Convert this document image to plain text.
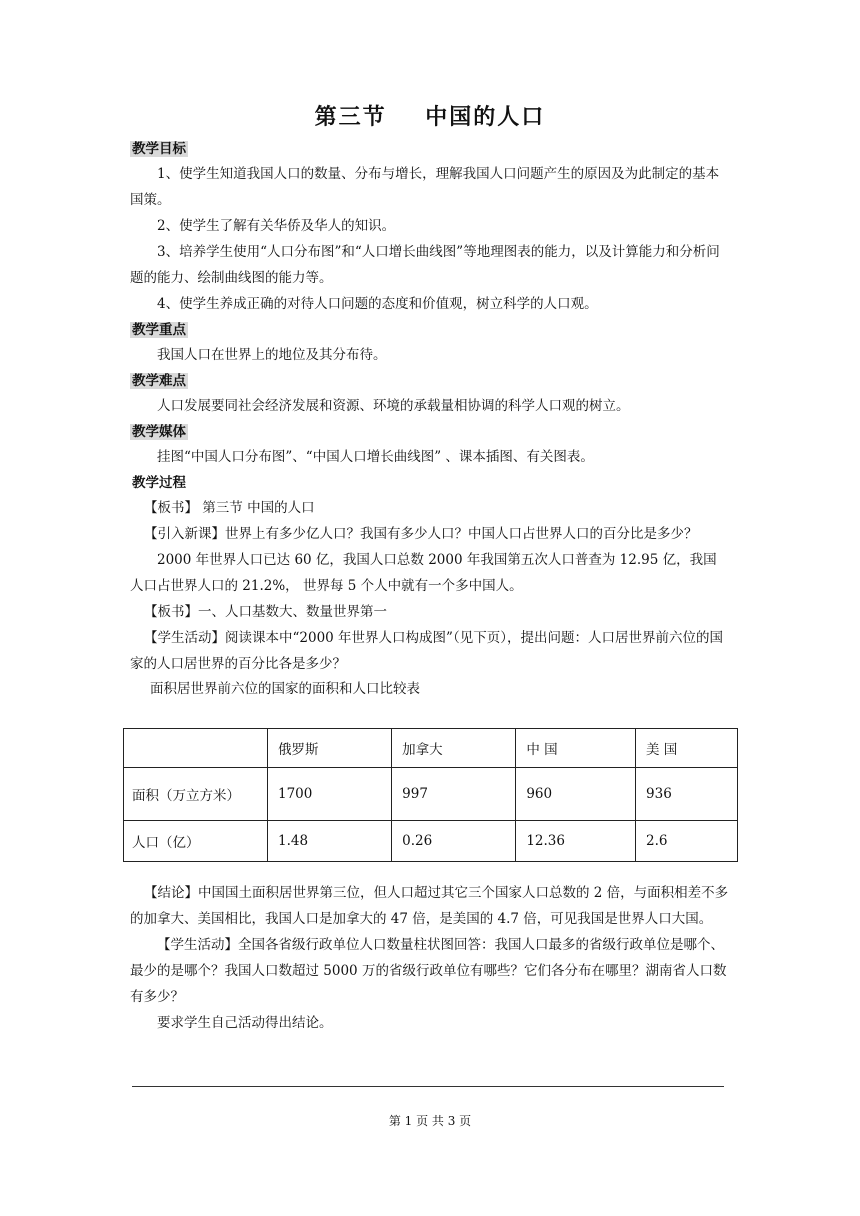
第三节    中国的人口
教学目标

1、使学生知道我国人口的数量、分布与增长，理解我国人口问题产生的原因及为此制定的基本国策。

2、使学生了解有关华侨及华人的知识。

3、培养学生使用“人口分布图”和“人口增长曲线图”等地理图表的能力，以及计算能力和分析问题的能力、绘制曲线图的能力等。

4、使学生养成正确的对待人口问题的态度和价值观，树立科学的人口观。

教学重点

我国人口在世界上的地位及其分布待。

教学难点

人口发展要同社会经济发展和资源、环境的承载量相协调的科学人口观的树立。

教学媒体

挂图“中国人口分布图”、“中国人口增长曲线图” 、课本插图、有关图表。

教学过程

【板书】 第三节 中国的人口

【引入新课】世界上有多少亿人口？我国有多少人口？中国人口占世界人口的百分比是多少？

2000 年世界人口已达 60 亿，我国人口总数 2000 年我国第五次人口普查为 12.95 亿，我国人口占世界人口的 21.2%， 世界每 5 个人中就有一个多中国人。

【板书】一、人口基数大、数量世界第一

【学生活动】阅读课本中“2000 年世界人口构成图”（见下页），提出问题：人口居世界前六位的国家的人口居世界的百分比各是多少？

面积居世界前六位的国家的面积和人口比较表

	俄罗斯	加拿大	中 国	美 国
面积（万立方米）	1700	997	960	936
人口（亿）	1.48	0.26	12.36	2.6

【结论】中国国土面积居世界第三位，但人口超过其它三个国家人口总数的 2 倍，与面积相差不多的加拿大、美国相比，我国人口是加拿大的 47 倍，是美国的 4.7 倍，可见我国是世界人口大国。

【学生活动】全国各省级行政单位人口数量柱状图回答：我国人口最多的省级行政单位是哪个、最少的是哪个？我国人口数超过 5000 万的省级行政单位有哪些？它们各分布在哪里？湖南省人口数有多少？

要求学生自己活动得出结论。

第 1 页 共 3 页
